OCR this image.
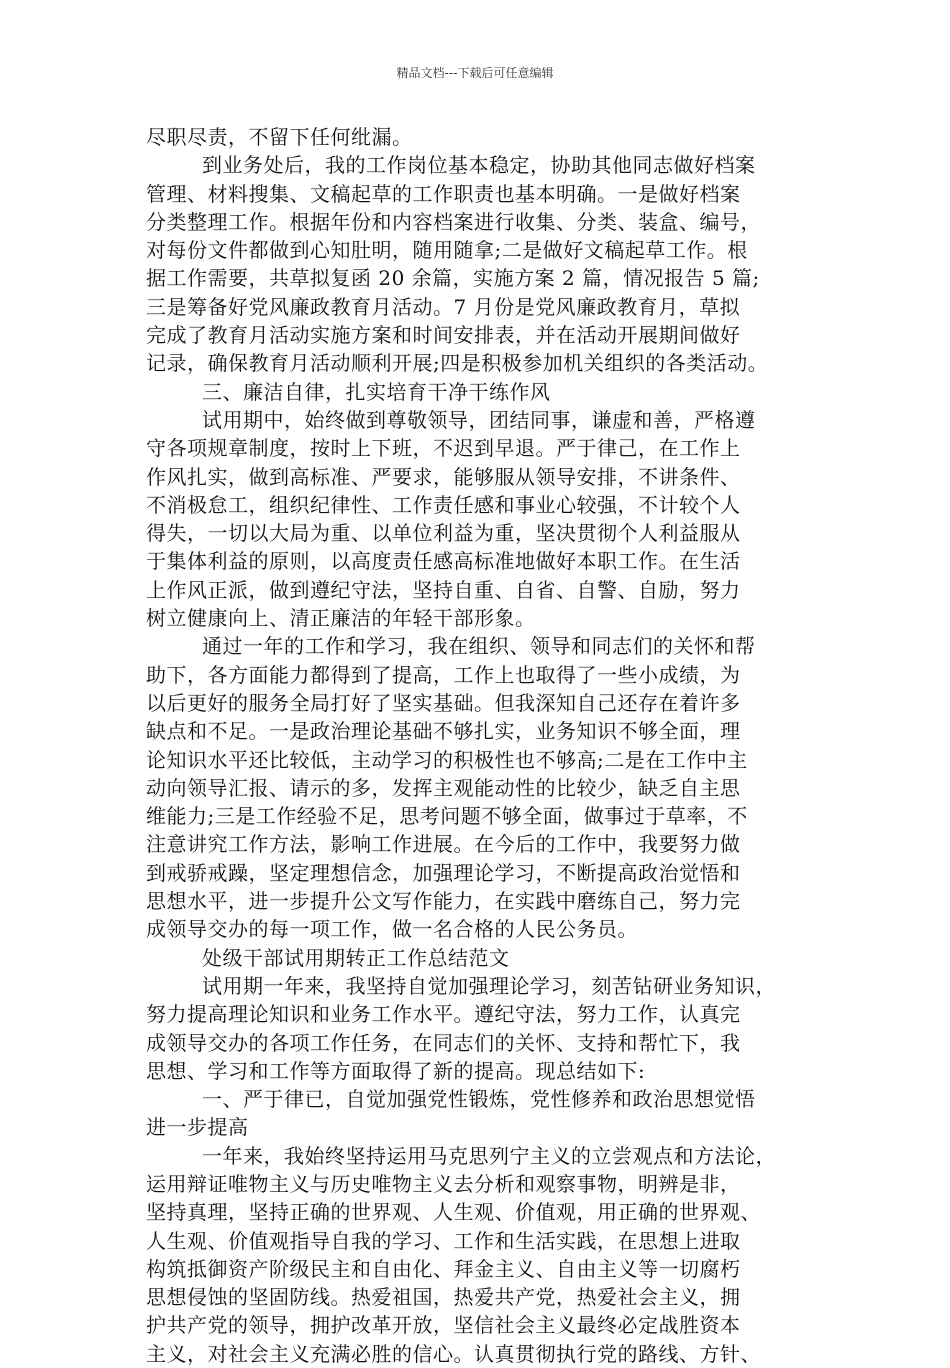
精品文档---下载后可任意编辑
尽职尽责，不留下任何纰漏。
到业务处后，我的工作岗位基本稳定，协助其他同志做好档案
管理、材料搜集、文稿起草的工作职责也基本明确。一是做好档案
分类整理工作。根据年份和内容档案进行收集、分类、装盒、编号，
对每份文件都做到心知肚明，随用随拿;二是做好文稿起草工作。根
据工作需要，共草拟复函 20 余篇，实施方案 2 篇，情况报告 5 篇;
三是筹备好党风廉政教育月活动。7 月份是党风廉政教育月，草拟
完成了教育月活动实施方案和时间安排表，并在活动开展期间做好
记录，确保教育月活动顺利开展;四是积极参加机关组织的各类活动。
三、廉洁自律，扎实培育干净干练作风
试用期中，始终做到尊敬领导，团结同事，谦虚和善，严格遵
守各项规章制度，按时上下班，不迟到早退。严于律己，在工作上
作风扎实，做到高标准、严要求，能够服从领导安排，不讲条件、
不消极怠工，组织纪律性、工作责任感和事业心较强，不计较个人
得失，一切以大局为重、以单位利益为重，坚决贯彻个人利益服从
于集体利益的原则，以高度责任感高标准地做好本职工作。在生活
上作风正派，做到遵纪守法，坚持自重、自省、自警、自励，努力
树立健康向上、清正廉洁的年轻干部形象。
通过一年的工作和学习，我在组织、领导和同志们的关怀和帮
助下，各方面能力都得到了提高，工作上也取得了一些小成绩，为
以后更好的服务全局打好了坚实基础。但我深知自己还存在着许多
缺点和不足。一是政治理论基础不够扎实，业务知识不够全面，理
论知识水平还比较低，主动学习的积极性也不够高;二是在工作中主
动向领导汇报、请示的多，发挥主观能动性的比较少，缺乏自主思
维能力;三是工作经验不足，思考问题不够全面，做事过于草率，不
注意讲究工作方法，影响工作进展。在今后的工作中，我要努力做
到戒骄戒躁，坚定理想信念，加强理论学习，不断提高政治觉悟和
思想水平，进一步提升公文写作能力，在实践中磨练自己，努力完
成领导交办的每一项工作，做一名合格的人民公务员。
处级干部试用期转正工作总结范文
试用期一年来，我坚持自觉加强理论学习，刻苦钻研业务知识，
努力提高理论知识和业务工作水平。遵纪守法，努力工作，认真完
成领导交办的各项工作任务，在同志们的关怀、支持和帮忙下，我
思想、学习和工作等方面取得了新的提高。现总结如下:
一、严于律已，自觉加强党性锻炼，党性修养和政治思想觉悟
进一步提高
一年来，我始终坚持运用马克思列宁主义的立尝观点和方法论，
运用辩证唯物主义与历史唯物主义去分析和观察事物，明辨是非，
坚持真理，坚持正确的世界观、人生观、价值观，用正确的世界观、
人生观、价值观指导自我的学习、工作和生活实践，在思想上进取
构筑抵御资产阶级民主和自由化、拜金主义、自由主义等一切腐朽
思想侵蚀的坚固防线。热爱祖国，热爱共产党，热爱社会主义，拥
护共产党的领导，拥护改革开放，坚信社会主义最终必定战胜资本
主义，对社会主义充满必胜的信心。认真贯彻执行党的路线、方针、
